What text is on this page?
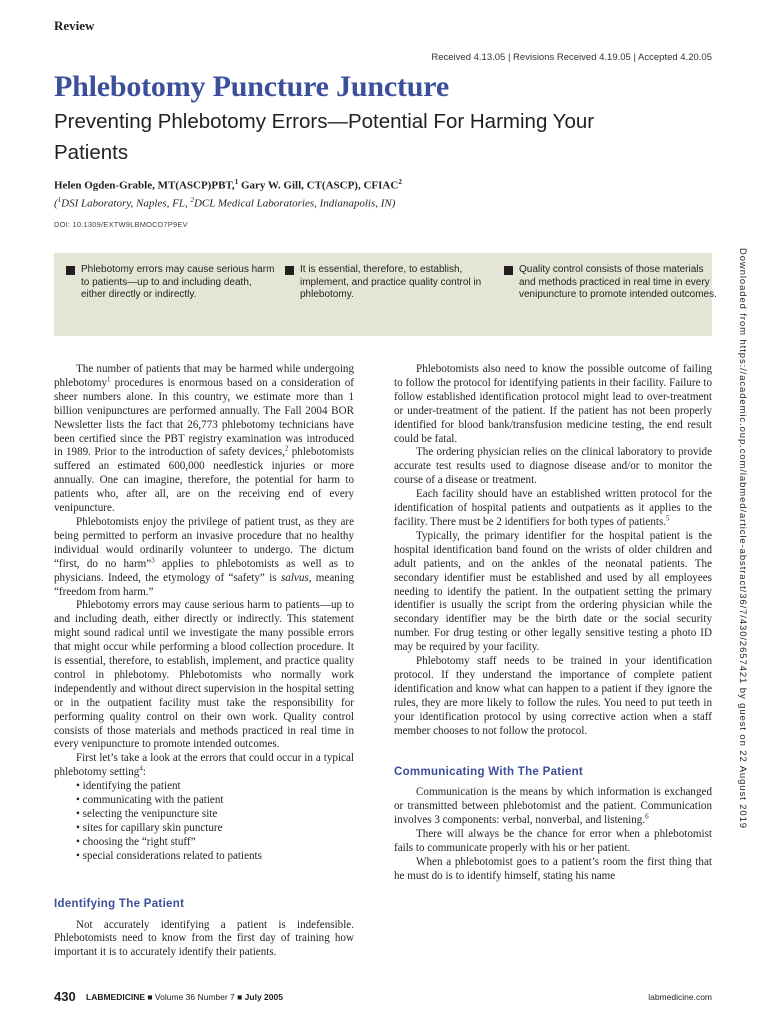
Review
Received 4.13.05 | Revisions Received 4.19.05 | Accepted 4.20.05
Phlebotomy Puncture Juncture
Preventing Phlebotomy Errors—Potential For Harming Your Patients
Helen Ogden-Grable, MT(ASCP)PBT,$^1$ Gary W. Gill, CT(ASCP), CFIAC$^2$
($^1$DSI Laboratory, Naples, FL, $^2$DCL Medical Laboratories, Indianapolis, IN)
DOI: 10.1309/EXTW9LBMOCD7P9EV
Phlebotomy errors may cause serious harm to patients—up to and including death, either directly or indirectly.
It is essential, therefore, to establish, implement, and practice quality control in phlebotomy.
Quality control consists of those materials and methods practiced in real time in every venipuncture to promote intended outcomes.

The number of patients that may be harmed while undergoing phlebotomy$^1$ procedures is enormous based on a consideration of sheer numbers alone. In this country, we estimate more than 1 billion venipunctures are performed annually. The Fall 2004 BOR Newsletter lists the fact that 26,773 phlebotomy technicians have been certified since the PBT registry examination was introduced in 1989. Prior to the introduction of safety devices,$^2$ phlebotomists suffered an estimated 600,000 needlestick injuries or more annually. One can imagine, therefore, the potential for harm to patients who, after all, are on the receiving end of every venipuncture.

Phlebotomists enjoy the privilege of patient trust, as they are being permitted to perform an invasive procedure that no healthy individual would ordinarily volunteer to undergo. The dictum “first, do no harm”$^3$ applies to phlebotomists as well as to physicians. Indeed, the etymology of “safety” is salvus, meaning “freedom from harm.”

Phlebotomy errors may cause serious harm to patients—up to and including death, either directly or indirectly. This statement might sound radical until we investigate the many possible errors that might occur while performing a blood collection procedure. It is essential, therefore, to establish, implement, and practice quality control in phlebotomy. Phlebotomists who normally work independently and without direct supervision in the hospital setting or in the outpatient facility must take the responsibility for performing quality control on their own work. Quality control consists of those materials and methods practiced in real time in every venipuncture to promote intended outcomes.

First let’s take a look at the errors that could occur in a typical phlebotomy setting$^4$:

• identifying the patient
• communicating with the patient
• selecting the venipuncture site
• sites for capillary skin puncture
• choosing the “right stuff”
• special considerations related to patients
Identifying The Patient

Not accurately identifying a patient is indefensible. Phlebotomists need to know from the first day of training how important it is to accurately identify their patients.

Phlebotomists also need to know the possible outcome of failing to follow the protocol for identifying patients in their facility. Failure to follow established identification protocol might lead to over-treatment or under-treatment of the patient. If the patient has not been properly identified for blood bank/transfusion medicine testing, the end result could be fatal.

The ordering physician relies on the clinical laboratory to provide accurate test results used to diagnose disease and/or to monitor the course of a disease or treatment.

Each facility should have an established written protocol for the identification of hospital patients and outpatients as it applies to the facility. There must be 2 identifiers for both types of patients.$^5$

Typically, the primary identifier for the hospital patient is the hospital identification band found on the wrists of older children and adult patients, and on the ankles of the neonatal patients. The secondary identifier must be established and used by all employees needing to identify the patient. In the outpatient setting the primary identifier is usually the script from the ordering physician while the secondary identifier may be the birth date or the social security number. For drug testing or other legally sensitive testing a photo ID may be required by your facility.

Phlebotomy staff needs to be trained in your identification protocol. If they understand the importance of complete patient identification and know what can happen to a patient if they ignore the rules, they are more likely to follow the rules. You need to put teeth in your identification protocol by using corrective action when a staff member chooses to not follow the protocol.

Communicating With The Patient

Communication is the means by which information is exchanged or transmitted between phlebotomist and the patient. Communication involves 3 components: verbal, nonverbal, and listening.$^6$

There will always be the chance for error when a phlebotomist fails to communicate properly with his or her patient.

When a phlebotomist goes to a patient’s room the first thing that he must do is to identify himself, stating his name

Downloaded from https://academic.oup.com/labmed/article-abstract/36/7/430/2657421 by guest on 22 August 2019
430 LABMEDICINE ■ Volume 36 Number 7 ■ July 2005	labmedicine.com
